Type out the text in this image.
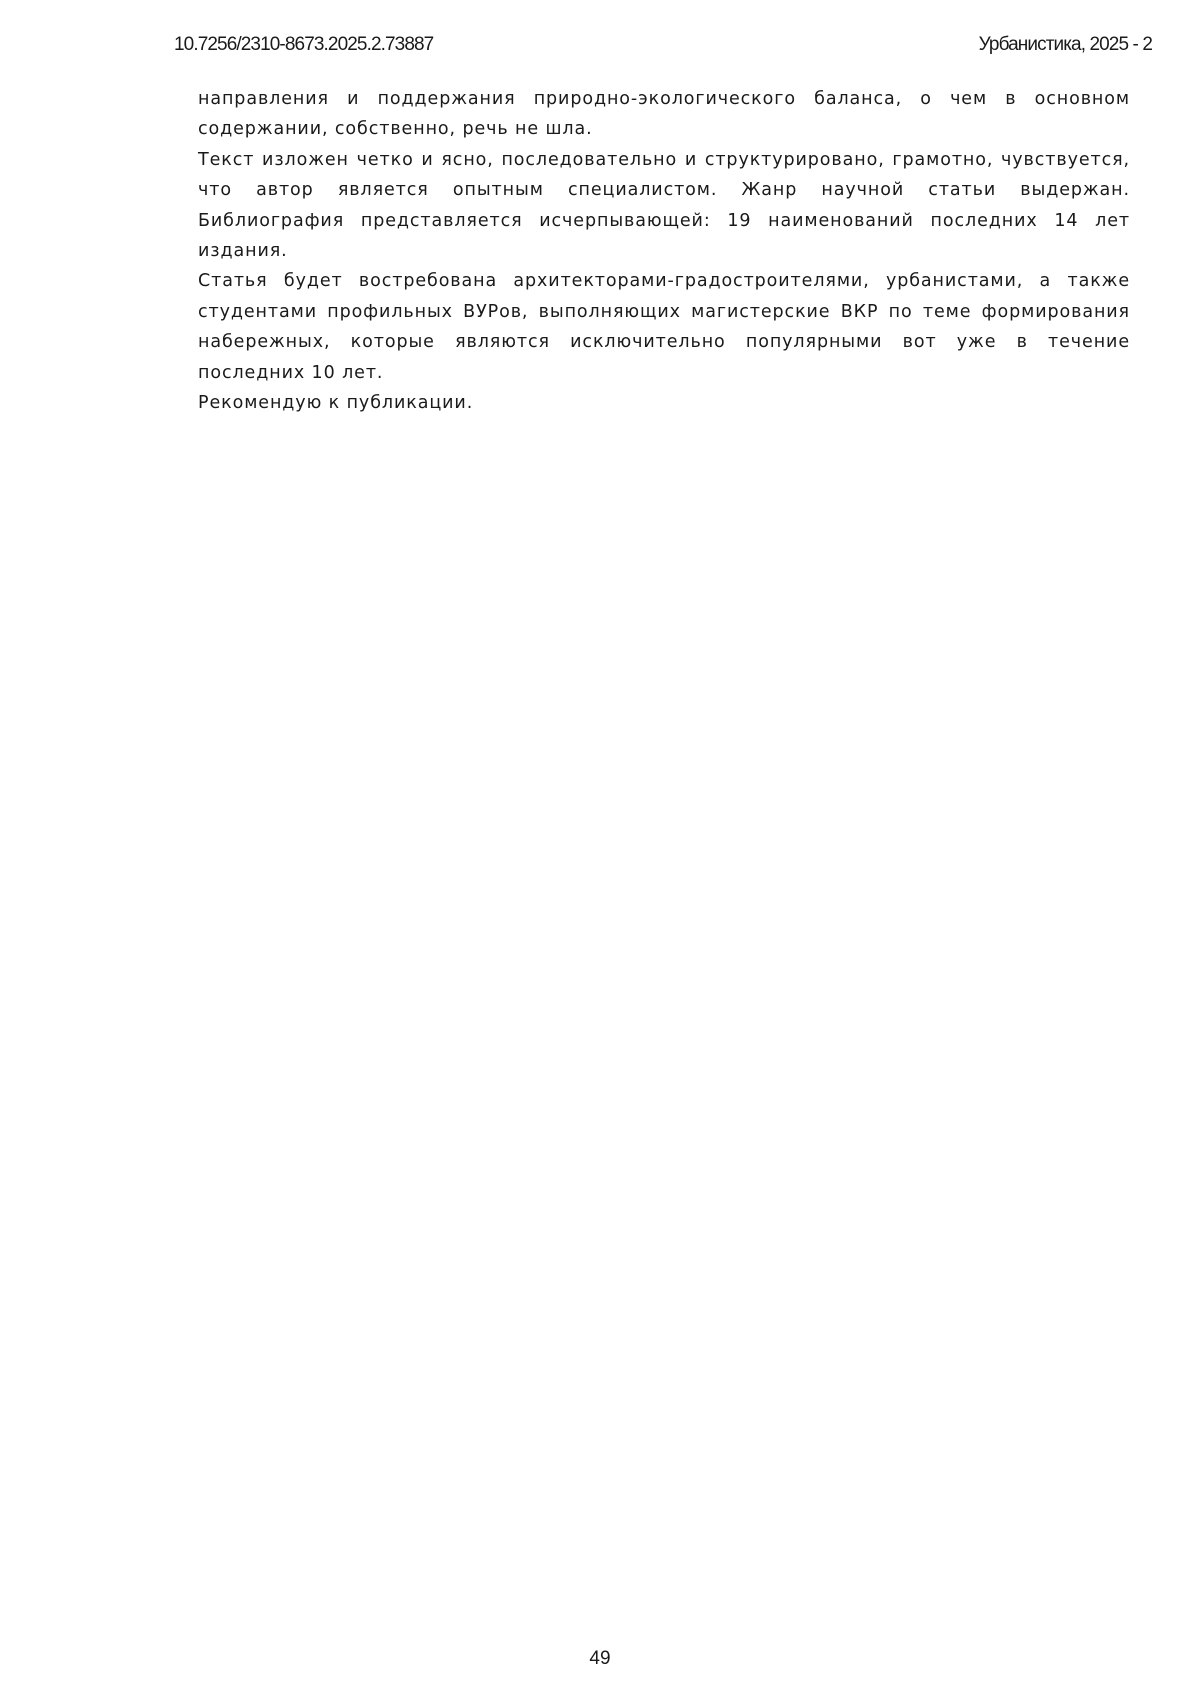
10.7256/2310-8673.2025.2.73887	Урбанистика, 2025 - 2

направления и поддержания природно-экологического баланса, о чем в основном содержании, собственно, речь не шла.

Текст изложен четко и ясно, последовательно и структурировано, грамотно, чувствуется, что автор является опытным специалистом. Жанр научной статьи выдержан. Библиография представляется исчерпывающей: 19 наименований последних 14 лет издания.

Статья будет востребована архитекторами-градостроителями, урбанистами, а также студентами профильных ВУРов, выполняющих магистерские ВКР по теме формирования набережных, которые являются исключительно популярными вот уже в течение последних 10 лет.

Рекомендую к публикации.

49
